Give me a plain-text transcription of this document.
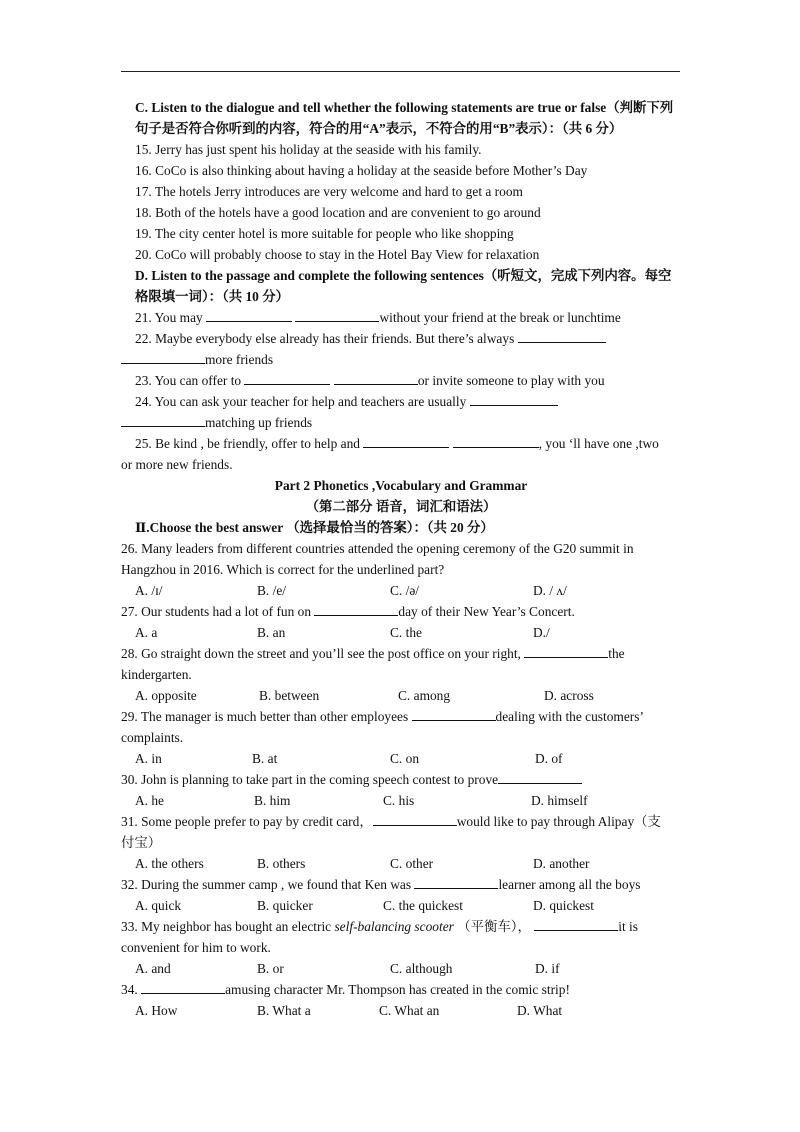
C. Listen to the dialogue and tell whether the following statements are true or false（判断下列句子是否符合你听到的内容，符合的用“A”表示，不符合的用“B”表示）：（共 6 分）
15. Jerry has just spent his holiday at the seaside with his family.
16. CoCo is also thinking about having a holiday at the seaside before Mother’s Day
17. The hotels Jerry introduces are very welcome and hard to get a room
18. Both of the hotels have a good location and are convenient to go around
19. The city center hotel is more suitable for people who like shopping
20. CoCo will probably choose to stay in the Hotel Bay View for relaxation
D. Listen to the passage and complete the following sentences（听短文，完成下列内容。每空格限填一词）：（共 10 分）
21. You may	without your friend at the break or lunchtime
22. Maybe everybody else already has their friends. But there’s always
more friends
23. You can offer to	or invite someone to play with you
24. You can ask your teacher for help and teachers are usually
matching up friends
25. Be kind , be friendly, offer to help and	, you ‘ll have one ,two
or more new friends.
Part 2 Phonetics ,Vocabulary and Grammar
（第二部分 语音，词汇和语法）
Ⅱ.Choose the best answer （选择最恰当的答案）：（共 20 分）
26. Many leaders from different countries attended the opening ceremony of the G20 summit in
Hangzhou in 2016. Which is correct for the underlined part?
A. /ɪ/	B. /e/	C. /ə/	D. / ʌ/
27. Our students had a lot of fun on	day of their New Year’s Concert.
A. a	B. an	C. the	D./
28. Go straight down the street and you’ll see the post office on your right,	the
kindergarten.
A. opposite	B. between	C. among	D. across
29. The manager is much better than other employees	dealing with the customers’
complaints.
A. in	B. at	C. on	D. of
30. John is planning to take part in the coming speech contest to prove
A. he	B. him	C. his	D. himself
31. Some people prefer to pay by credit card，	would like to pay through Alipay（支
付宝）
A. the others	B. others	C. other	D. another
32. During the summer camp , we found that Ken was	learner among all the boys
A. quick	B. quicker	C. the quickest	D. quickest
33. My neighbor has bought an electric self-balancing scooter （平衡车），	it is
convenient for him to work.
A. and	B. or	C. although	D. if
34.	amusing character Mr. Thompson has created in the comic strip!
A. How	B. What a	C. What an	D. What
